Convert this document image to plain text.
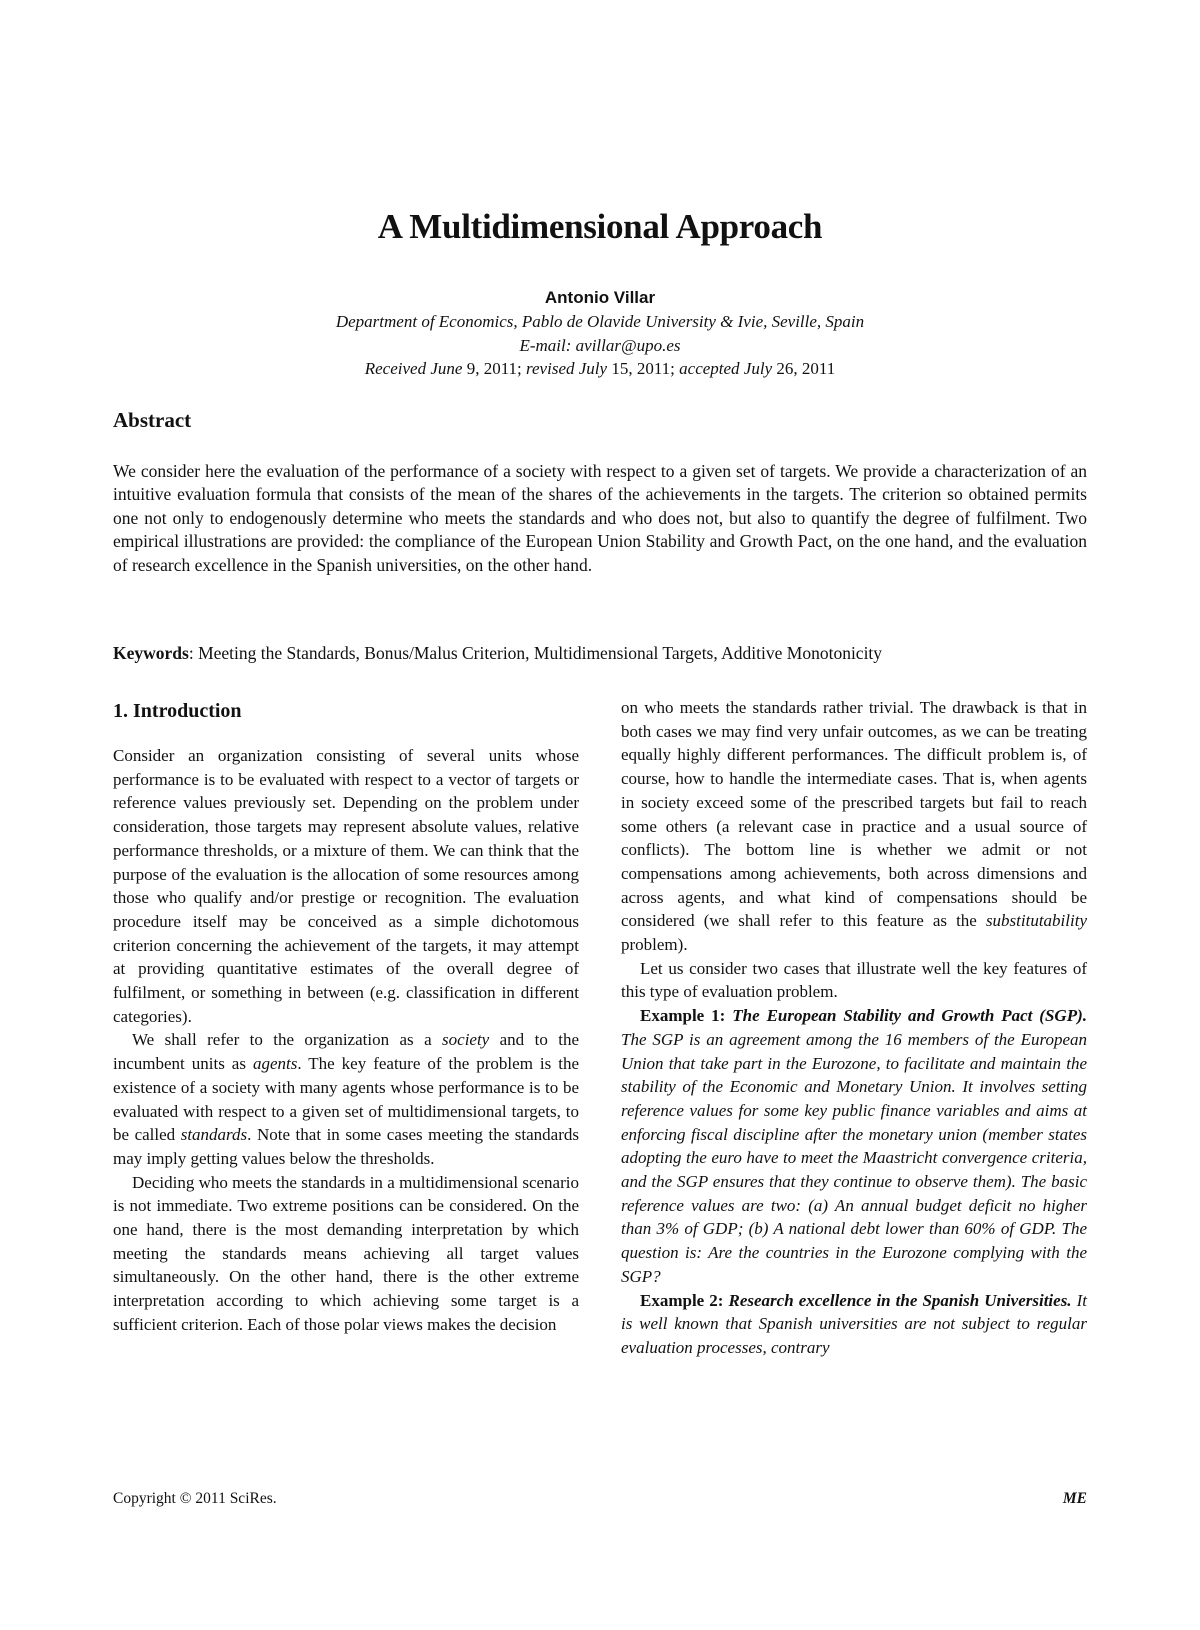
A Multidimensional Approach
Antonio Villar
Department of Economics, Pablo de Olavide University & Ivie, Seville, Spain
E-mail: avillar@upo.es
Received June 9, 2011; revised July 15, 2011; accepted July 26, 2011
Abstract

We consider here the evaluation of the performance of a society with respect to a given set of targets. We provide a characterization of an intuitive evaluation formula that consists of the mean of the shares of the achievements in the targets. The criterion so obtained permits one not only to endogenously determine who meets the standards and who does not, but also to quantify the degree of fulfilment. Two empirical illustrations are provided: the compliance of the European Union Stability and Growth Pact, on the one hand, and the evaluation of research excellence in the Spanish universities, on the other hand.

Keywords: Meeting the Standards, Bonus/Malus Criterion, Multidimensional Targets, Additive Monotonicity

1. Introduction

Consider an organization consisting of several units whose performance is to be evaluated with respect to a vector of targets or reference values previously set. Depending on the problem under consideration, those targets may represent absolute values, relative performance thresholds, or a mixture of them. We can think that the purpose of the evaluation is the allocation of some resources among those who qualify and/or prestige or recognition. The evaluation procedure itself may be conceived as a simple dichotomous criterion concerning the achievement of the targets, it may attempt at providing quantitative estimates of the overall degree of fulfilment, or something in between (e.g. classification in different categories).

We shall refer to the organization as a society and to the incumbent units as agents. The key feature of the problem is the existence of a society with many agents whose performance is to be evaluated with respect to a given set of multidimensional targets, to be called standards. Note that in some cases meeting the standards may imply getting values below the thresholds.

Deciding who meets the standards in a multidimensional scenario is not immediate. Two extreme positions can be considered. On the one hand, there is the most demanding interpretation by which meeting the standards means achieving all target values simultaneously. On the other hand, there is the other extreme interpretation according to which achieving some target is a sufficient criterion. Each of those polar views makes the decision

on who meets the standards rather trivial. The drawback is that in both cases we may find very unfair outcomes, as we can be treating equally highly different performances. The difficult problem is, of course, how to handle the intermediate cases. That is, when agents in society exceed some of the prescribed targets but fail to reach some others (a relevant case in practice and a usual source of conflicts). The bottom line is whether we admit or not compensations among achievements, both across dimensions and across agents, and what kind of compensations should be considered (we shall refer to this feature as the substitutability problem).

Let us consider two cases that illustrate well the key features of this type of evaluation problem.

Example 1: The European Stability and Growth Pact (SGP). The SGP is an agreement among the 16 members of the European Union that take part in the Eurozone, to facilitate and maintain the stability of the Economic and Monetary Union. It involves setting reference values for some key public finance variables and aims at enforcing fiscal discipline after the monetary union (member states adopting the euro have to meet the Maastricht convergence criteria, and the SGP ensures that they continue to observe them). The basic reference values are two: (a) An annual budget deficit no higher than 3% of GDP; (b) A national debt lower than 60% of GDP. The question is: Are the countries in the Eurozone complying with the SGP?

Example 2: Research excellence in the Spanish Universities. It is well known that Spanish universities are not subject to regular evaluation processes, contrary

Copyright © 2011 SciRes.	ME
